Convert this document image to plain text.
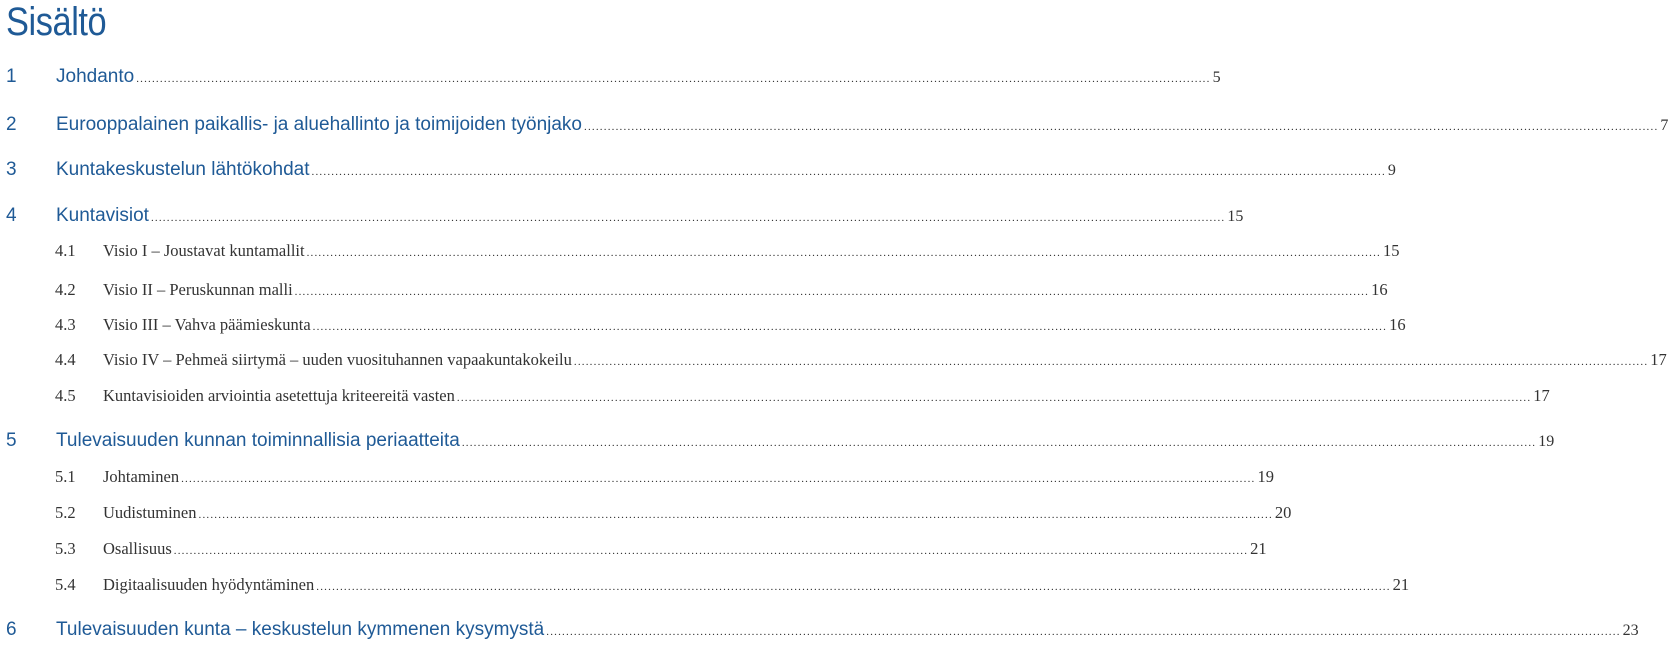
Sisältö
1	Johdanto ................................................................................................................................................................................................................................................................................ 5
2	Eurooppalainen paikallis- ja aluehallinto ja toimijoiden työnjako ................................................................................................................................................................................................................................................................................ 7
3	Kuntakeskustelun lähtökohdat ................................................................................................................................................................................................................................................................................ 9
4	Kuntavisiot ................................................................................................................................................................................................................................................................................ 15
4.1	Visio I – Joustavat kuntamallit ................................................................................................................................................................................................................................................................................ 15
4.2	Visio II – Peruskunnan malli ................................................................................................................................................................................................................................................................................ 16
4.3	Visio III – Vahva päämieskunta ................................................................................................................................................................................................................................................................................ 16
4.4	Visio IV – Pehmeä siirtymä – uuden vuosituhannen vapaakuntakokeilu ................................................................................................................................................................................................................................................................................ 17
4.5	Kuntavisioiden arviointia asetettuja kriteereitä vasten ................................................................................................................................................................................................................................................................................ 17
5	Tulevaisuuden kunnan toiminnallisia periaatteita ................................................................................................................................................................................................................................................................................ 19
5.1	Johtaminen ................................................................................................................................................................................................................................................................................ 19
5.2	Uudistuminen ................................................................................................................................................................................................................................................................................ 20
5.3	Osallisuus ................................................................................................................................................................................................................................................................................ 21
5.4	Digitaalisuuden hyödyntäminen ................................................................................................................................................................................................................................................................................ 21
6	Tulevaisuuden kunta – keskustelun kymmenen kysymystä ................................................................................................................................................................................................................................................................................ 23
